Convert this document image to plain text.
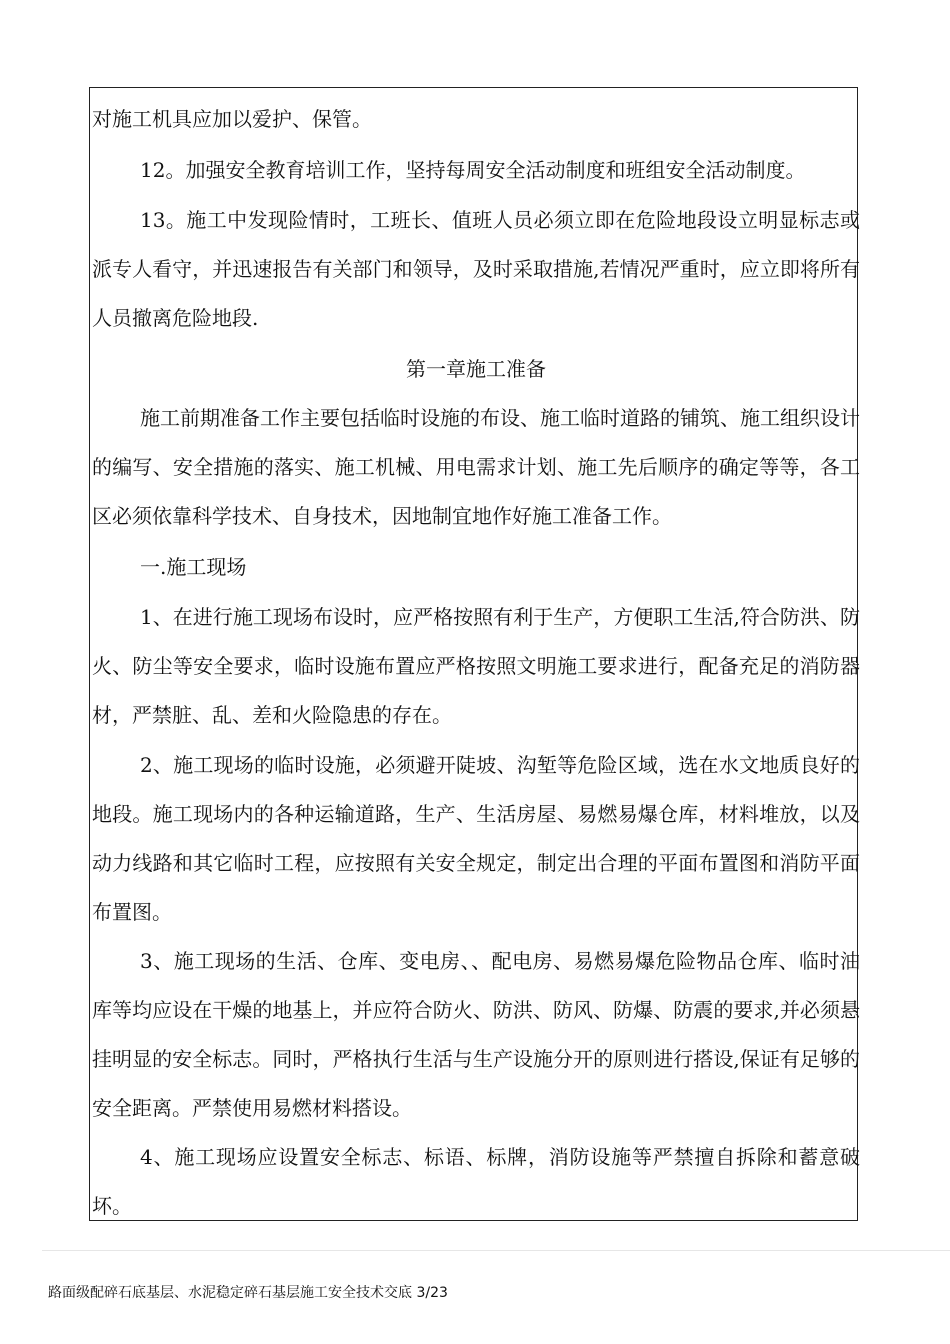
对施工机具应加以爱护、保管。

12。加强安全教育培训工作，坚持每周安全活动制度和班组安全活动制度。

13。施工中发现险情时，工班长、值班人员必须立即在危险地段设立明显标志或派专人看守，并迅速报告有关部门和领导，及时采取措施,若情况严重时，应立即将所有人员撤离危险地段.

第一章施工准备

施工前期准备工作主要包括临时设施的布设、施工临时道路的铺筑、施工组织设计的编写、安全措施的落实、施工机械、用电需求计划、施工先后顺序的确定等等，各工区必须依靠科学技术、自身技术，因地制宜地作好施工准备工作。

一.施工现场

1、在进行施工现场布设时，应严格按照有利于生产，方便职工生活,符合防洪、防火、防尘等安全要求，临时设施布置应严格按照文明施工要求进行，配备充足的消防器材，严禁脏、乱、差和火险隐患的存在。

2、施工现场的临时设施，必须避开陡坡、沟堑等危险区域，选在水文地质良好的地段。施工现场内的各种运输道路，生产、生活房屋、易燃易爆仓库，材料堆放，以及动力线路和其它临时工程，应按照有关安全规定，制定出合理的平面布置图和消防平面布置图。

3、施工现场的生活、仓库、变电房、、配电房、易燃易爆危险物品仓库、临时油库等均应设在干燥的地基上，并应符合防火、防洪、防风、防爆、防震的要求,并必须悬挂明显的安全标志。同时，严格执行生活与生产设施分开的原则进行搭设,保证有足够的安全距离。严禁使用易燃材料搭设。

4、施工现场应设置安全标志、标语、标牌，消防设施等严禁擅自拆除和蓄意破坏。

路面级配碎石底基层、水泥稳定碎石基层施工安全技术交底 3/23
